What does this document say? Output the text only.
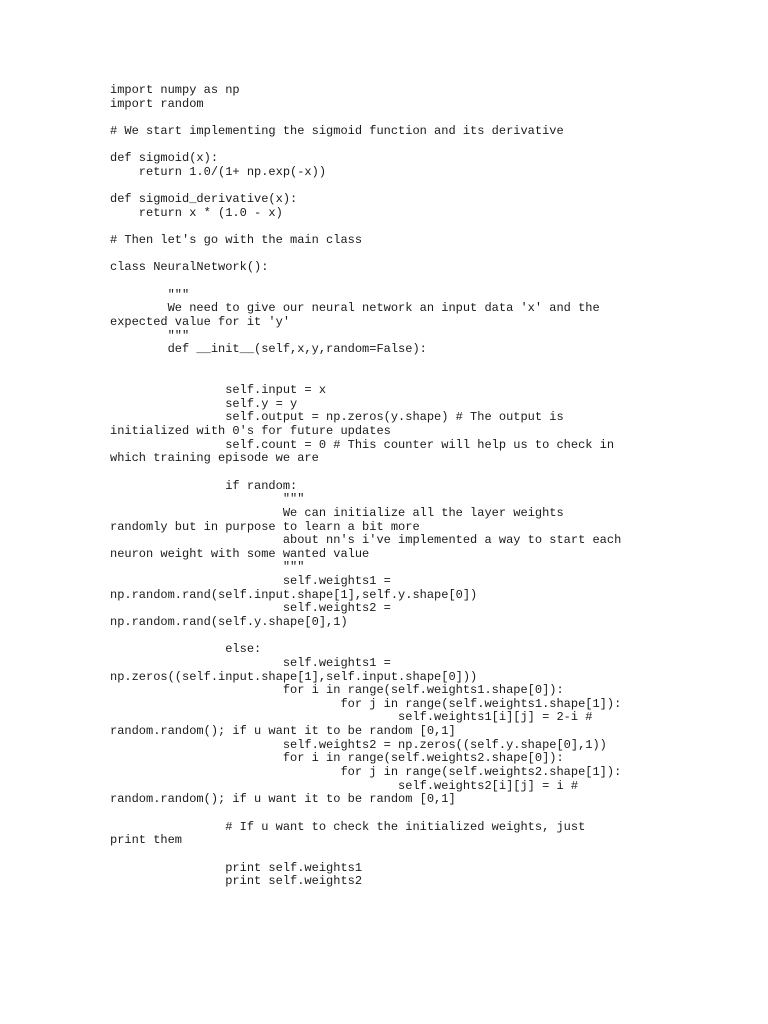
import numpy as np
import random
# We start implementing the sigmoid function and its derivative
def sigmoid(x):
return 1.0/(1+ np.exp(-x))
def sigmoid_derivative(x):
return x * (1.0 - x)
# Then let's go with the main class
class NeuralNetwork():
"""
We need to give our neural network an input data 'x' and the
expected value for it 'y'
"""
def __init__(self,x,y,random=False):
self.input = x
self.y = y
self.output = np.zeros(y.shape) # The output is
initialized with 0's for future updates
self.count = 0 # This counter will help us to check in
which training episode we are
if random:
"""
We can initialize all the layer weights
randomly but in purpose to learn a bit more
about nn's i've implemented a way to start each
neuron weight with some wanted value
"""
self.weights1 =
np.random.rand(self.input.shape[1],self.y.shape[0])
self.weights2 =
np.random.rand(self.y.shape[0],1)
else:
self.weights1 =
np.zeros((self.input.shape[1],self.input.shape[0]))
for i in range(self.weights1.shape[0]):
for j in range(self.weights1.shape[1]):
self.weights1[i][j] = 2-i #
random.random(); if u want it to be random [0,1]
self.weights2 = np.zeros((self.y.shape[0],1))
for i in range(self.weights2.shape[0]):
for j in range(self.weights2.shape[1]):
self.weights2[i][j] = i #
random.random(); if u want it to be random [0,1]
# If u want to check the initialized weights, just
print them
print self.weights1
print self.weights2
